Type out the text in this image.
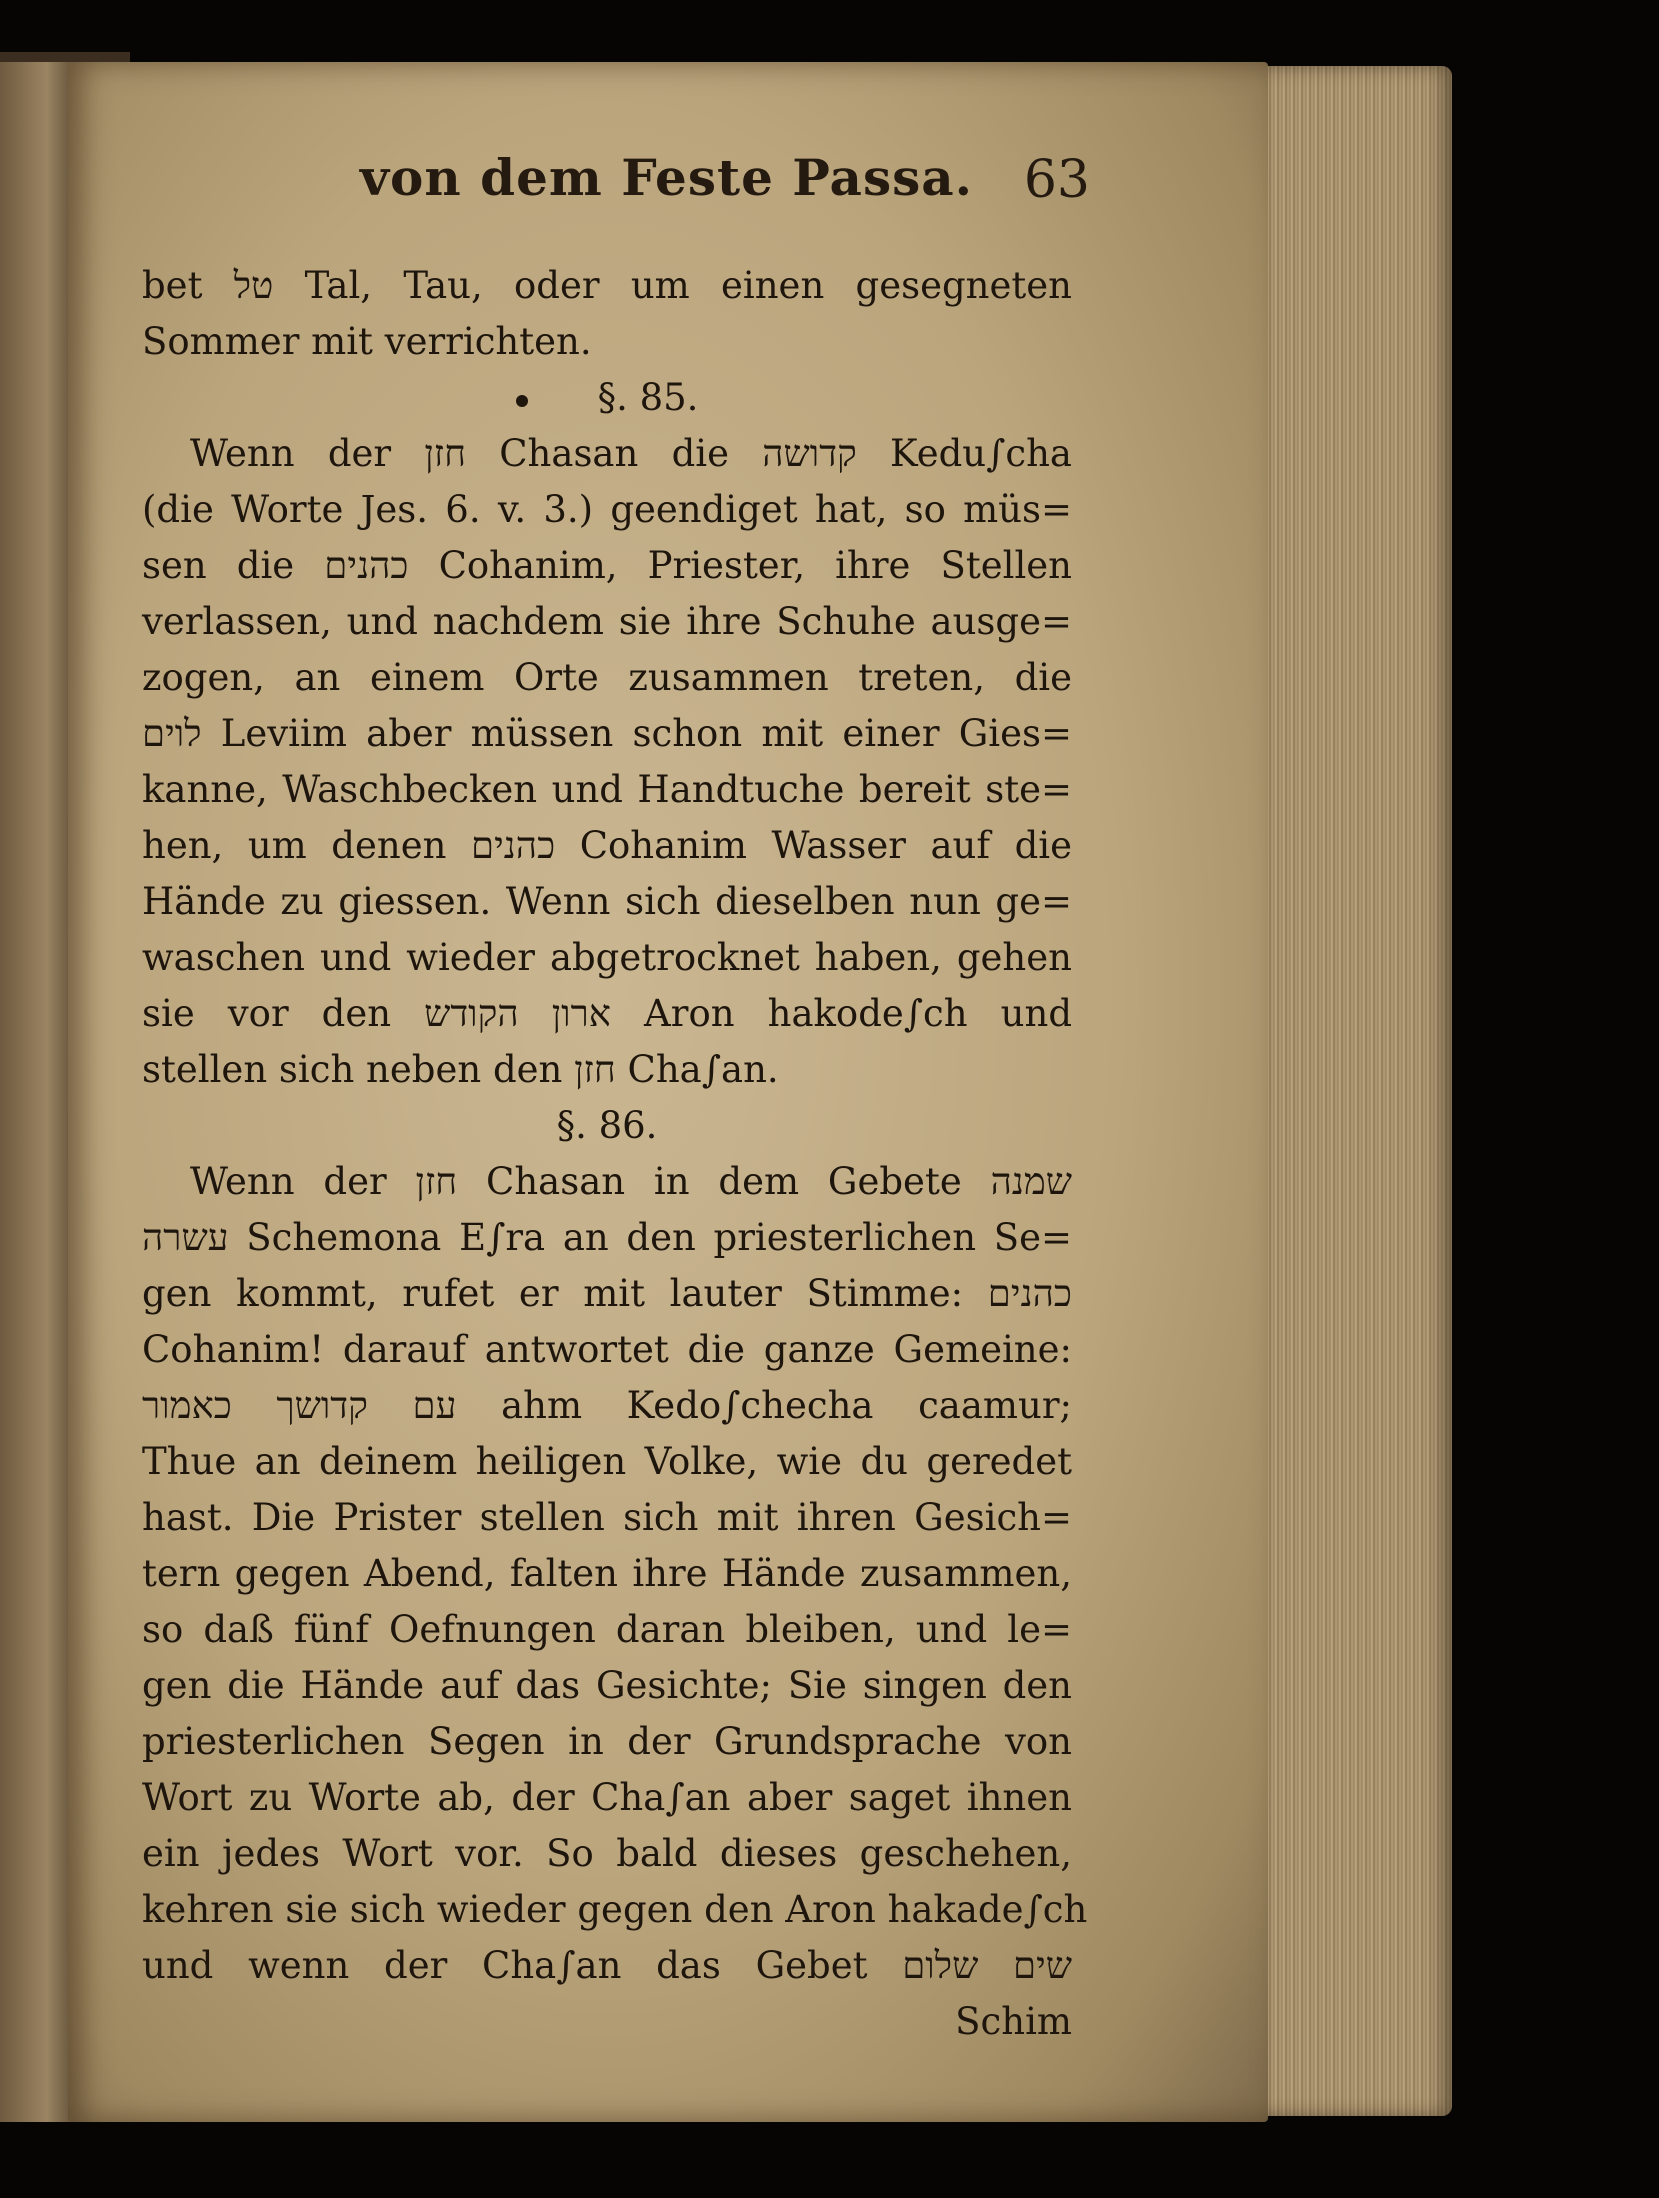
von dem Feste Passa. 63
bet טל Tal, Tau, oder um einen gesegneten
Sommer mit verrichten.
§. 85.
Wenn der חזן Chasan die קדושה Kedu∫cha
(die Worte Jes. 6. v. 3.) geendiget hat, so müs=
sen die כהנים Cohanim, Priester, ihre Stellen
verlassen, und nachdem sie ihre Schuhe ausge=
zogen, an einem Orte zusammen treten, die
לוים Leviim aber müssen schon mit einer Gies=
kanne, Waschbecken und Handtuche bereit ste=
hen, um denen כהנים Cohanim Wasser auf die
Hände zu giessen. Wenn sich dieselben nun ge=
waschen und wieder abgetrocknet haben, gehen
sie vor den ארון הקודש Aron hakode∫ch und
stellen sich neben den חזן Cha∫an.
§. 86.
Wenn der חזן Chasan in dem Gebete שמנה
עשרה Schemona E∫ra an den priesterlichen Se=
gen kommt, rufet er mit lauter Stimme: כהנים
Cohanim! darauf antwortet die ganze Gemeine:
עם קדושך כאמור ahm Kedo∫checha caamur;
Thue an deinem heiligen Volke, wie du geredet
hast. Die Prister stellen sich mit ihren Gesich=
tern gegen Abend, falten ihre Hände zusammen,
so daß fünf Oefnungen daran bleiben, und le=
gen die Hände auf das Gesichte; Sie singen den
priesterlichen Segen in der Grundsprache von
Wort zu Worte ab, der Cha∫an aber saget ihnen
ein jedes Wort vor. So bald dieses geschehen,
kehren sie sich wieder gegen den Aron hakade∫ch
und wenn der Cha∫an das Gebet שים שלום
Schim
